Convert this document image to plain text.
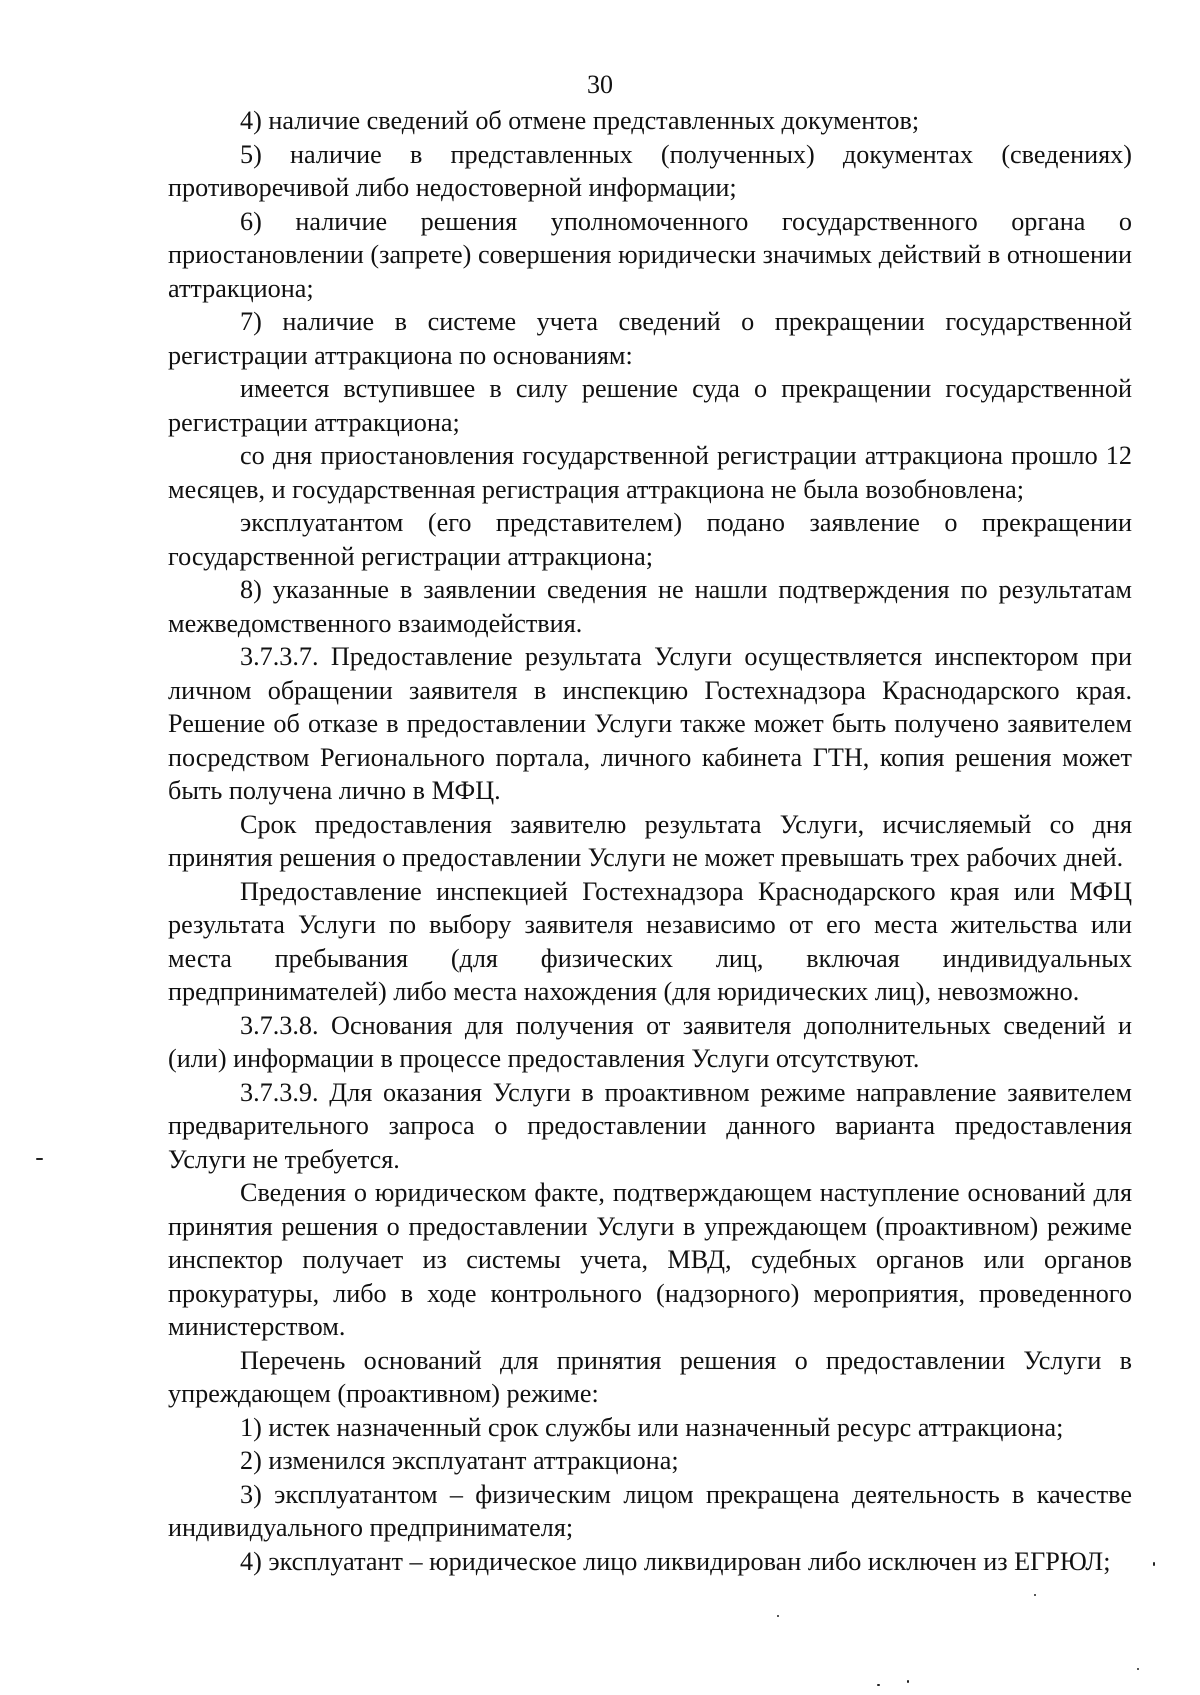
30

4) наличие сведений об отмене представленных документов;

5) наличие в представленных (полученных) документах (сведениях) противоречивой либо недостоверной информации;

6) наличие решения уполномоченного государственного органа о приостановлении (запрете) совершения юридически значимых действий в отношении аттракциона;

7) наличие в системе учета сведений о прекращении государственной регистрации аттракциона по основаниям:

имеется вступившее в силу решение суда о прекращении государственной регистрации аттракциона;

со дня приостановления государственной регистрации аттракциона прошло 12 месяцев, и государственная регистрация аттракциона не была возобновлена;

эксплуатантом (его представителем) подано заявление о прекращении государственной регистрации аттракциона;

8) указанные в заявлении сведения не нашли подтверждения по результатам межведомственного взаимодействия.

3.7.3.7. Предоставление результата Услуги осуществляется инспектором при личном обращении заявителя в инспекцию Гостехнадзора Краснодарского края. Решение об отказе в предоставлении Услуги также может быть получено заявителем посредством Регионального портала, личного кабинета ГТН, копия решения может быть получена лично в МФЦ.

Срок предоставления заявителю результата Услуги, исчисляемый со дня принятия решения о предоставлении Услуги не может превышать трех рабочих дней.

Предоставление инспекцией Гостехнадзора Краснодарского края или МФЦ результата Услуги по выбору заявителя независимо от его места жительства или места пребывания (для физических лиц, включая индивидуальных предпринимателей) либо места нахождения (для юридических лиц), невозможно.

3.7.3.8. Основания для получения от заявителя дополнительных сведений и (или) информации в процессе предоставления Услуги отсутствуют.

3.7.3.9. Для оказания Услуги в проактивном режиме направление заявителем предварительного запроса о предоставлении данного варианта предоставления Услуги не требуется.

Сведения о юридическом факте, подтверждающем наступление оснований для принятия решения о предоставлении Услуги в упреждающем (проактивном) режиме инспектор получает из системы учета, МВД, судебных органов или органов прокуратуры, либо в ходе контрольного (надзорного) мероприятия, проведенного министерством.

Перечень оснований для принятия решения о предоставлении Услуги в упреждающем (проактивном) режиме:

1) истек назначенный срок службы или назначенный ресурс аттракциона;

2) изменился эксплуатант аттракциона;

3) эксплуатантом – физическим лицом прекращена деятельность в качестве индивидуального предпринимателя;

4) эксплуатант – юридическое лицо ликвидирован либо исключен из ЕГРЮЛ;
